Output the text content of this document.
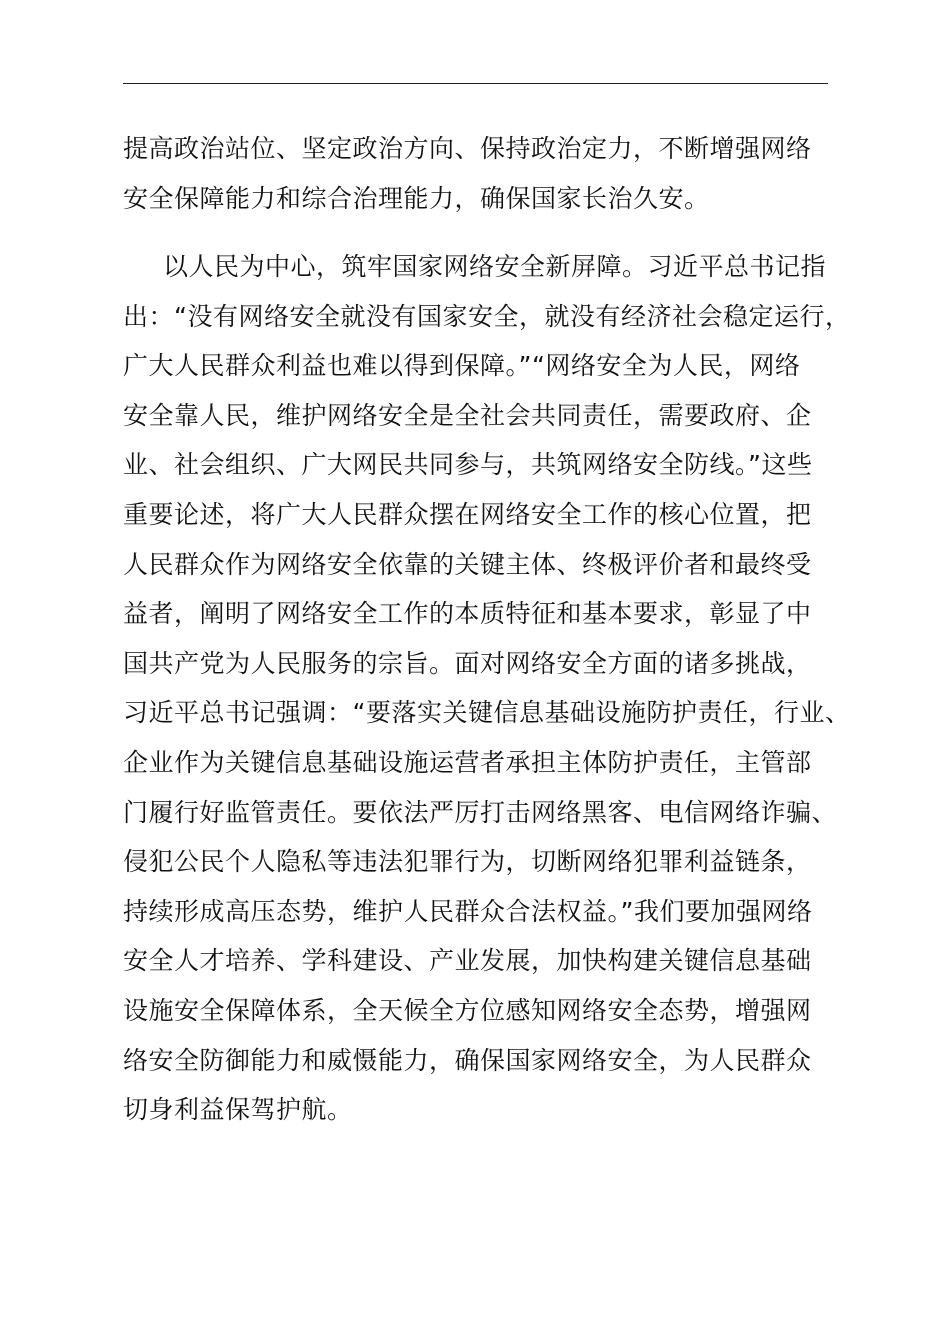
提高政治站位、坚定政治方向、保持政治定力，不断增强网络
安全保障能力和综合治理能力，确保国家长治久安。
以人民为中心，筑牢国家网络安全新屏障。习近平总书记指
出：“没有网络安全就没有国家安全，就没有经济社会稳定运行，
广大人民群众利益也难以得到保障。”“网络安全为人民，网络
安全靠人民，维护网络安全是全社会共同责任，需要政府、企
业、社会组织、广大网民共同参与，共筑网络安全防线。”这些
重要论述，将广大人民群众摆在网络安全工作的核心位置，把
人民群众作为网络安全依靠的关键主体、终极评价者和最终受
益者，阐明了网络安全工作的本质特征和基本要求，彰显了中
国共产党为人民服务的宗旨。面对网络安全方面的诸多挑战，
习近平总书记强调：“要落实关键信息基础设施防护责任，行业、
企业作为关键信息基础设施运营者承担主体防护责任，主管部
门履行好监管责任。要依法严厉打击网络黑客、电信网络诈骗、
侵犯公民个人隐私等违法犯罪行为，切断网络犯罪利益链条，
持续形成高压态势，维护人民群众合法权益。”我们要加强网络
安全人才培养、学科建设、产业发展，加快构建关键信息基础
设施安全保障体系，全天候全方位感知网络安全态势，增强网
络安全防御能力和威慑能力，确保国家网络安全，为人民群众
切身利益保驾护航。
